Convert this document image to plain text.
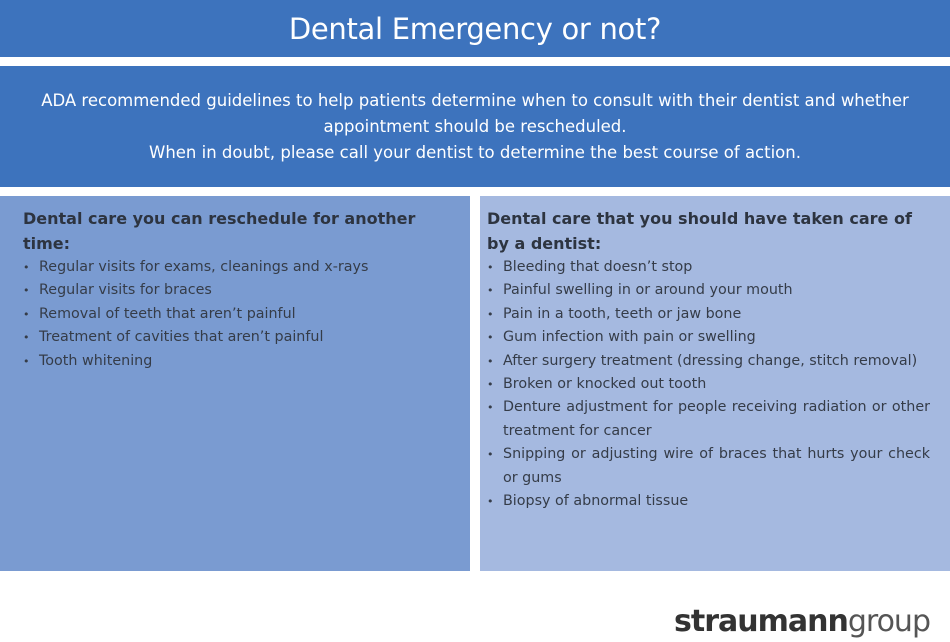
Dental Emergency or not?

ADA recommended guidelines to help patients determine when to consult with their dentist and whether appointment should be rescheduled.

When in doubt, please call your dentist to determine the best course of action.

Dental care you can reschedule for another time:
• Regular visits for exams, cleanings and x-rays
• Regular visits for braces
• Removal of teeth that aren’t painful
• Treatment of cavities that aren’t painful
• Tooth whitening
Dental care that you should have taken care of by a dentist:
• Bleeding that doesn’t stop
• Painful swelling in or around your mouth
• Pain in a tooth, teeth or jaw bone
• Gum infection with pain or swelling
• After surgery treatment (dressing change, stitch removal)
• Broken or knocked out tooth
• Denture adjustment for people receiving radiation or other treatment for cancer
• Snipping or adjusting wire of braces that hurts your check or gums
• Biopsy of abnormal tissue
straumann group
